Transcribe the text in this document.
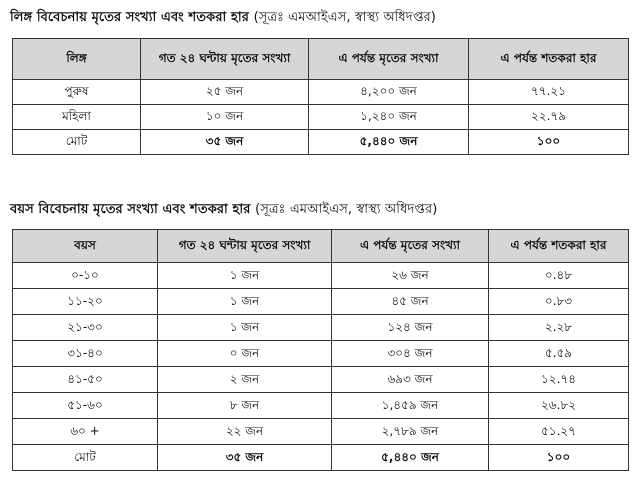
লিঙ্গ বিবেচনায় মৃতের সংখ্যা এবং শতকরা হার (সূত্রঃ এমআইএস, স্বাস্থ্য অধিদপ্তর)
লিঙ্গ	গত ২৪ ঘন্টায় মৃতের সংখ্যা	এ পর্যন্ত মৃতের সংখ্যা	এ পর্যন্ত শতকরা হার
পুরুষ	২৫ জন	৪,২০০ জন	৭৭.২১
মহিলা	১০ জন	১,২৪০ জন	২২.৭৯
মোট	৩৫ জন	৫,৪৪০ জন	১০০
বয়স বিবেচনায় মৃতের সংখ্যা এবং শতকরা হার (সূত্রঃ এমআইএস, স্বাস্থ্য অধিদপ্তর)
বয়স	গত ২৪ ঘন্টায় মৃতের সংখ্যা	এ পর্যন্ত মৃতের সংখ্যা	এ পর্যন্ত শতকরা হার
০-১০	১ জন	২৬ জন	০.৪৮
১১-২০	১ জন	৪৫ জন	০.৮৩
২১-৩০	১ জন	১২৪ জন	২.২৮
৩১-৪০	০ জন	৩০৪ জন	৫.৫৯
৪১-৫০	২ জন	৬৯৩ জন	১২.৭৪
৫১-৬০	৮ জন	১,৪৫৯ জন	২৬.৮২
৬০ +	২২ জন	২,৭৮৯ জন	৫১.২৭
মোট	৩৫ জন	৫,৪৪০ জন	১০০
